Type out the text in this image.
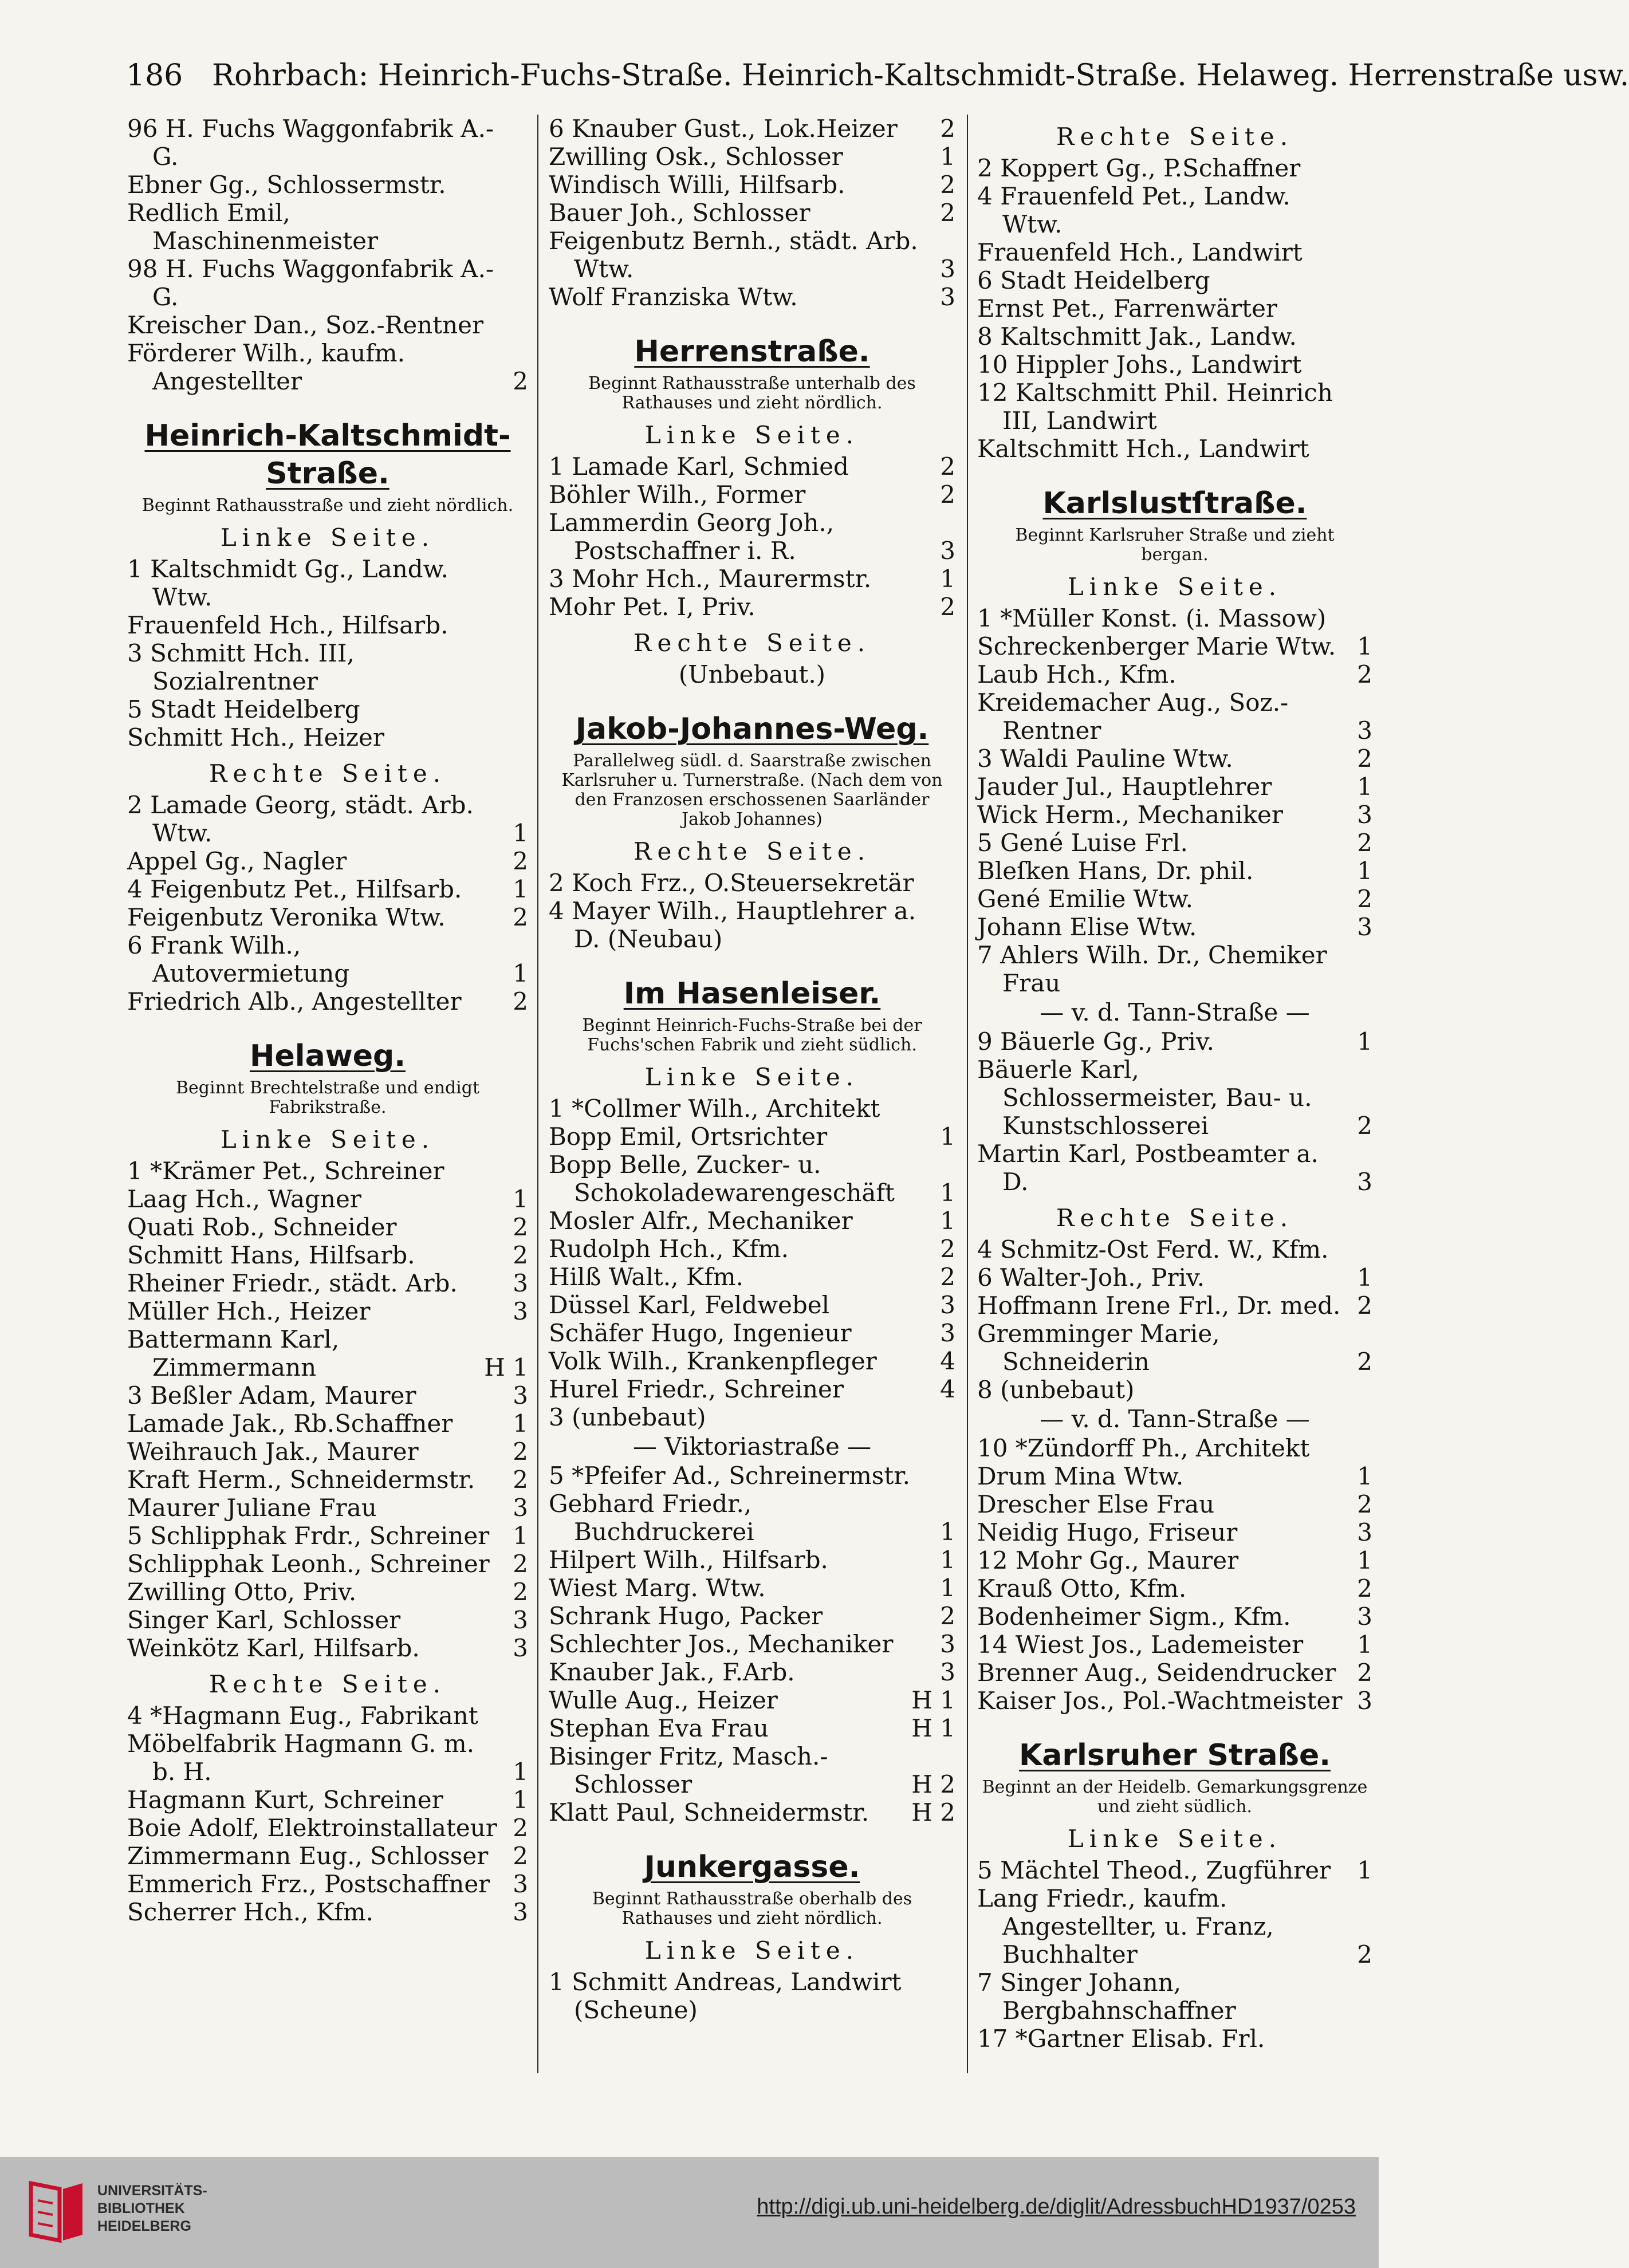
186 Rohrbach: Heinrich-Fuchs-Straße. Heinrich-Kaltschmidt-Straße. Helaweg. Herrenstraße usw.
96 H. Fuchs Waggonfabrik A.-G.
Ebner Gg., Schlossermstr.
Redlich Emil, Maschinenmeister
98 H. Fuchs Waggonfabrik A.-G.
Kreischer Dan., Soz.-Rentner
Förderer Wilh., kaufm. Angestellter	2
Heinrich-Kaltschmidt-Straße.
Beginnt Rathausstraße und zieht nördlich.
Linke Seite.
1 Kaltschmidt Gg., Landw. Wtw.
Frauenfeld Hch., Hilfsarb.
3 Schmitt Hch. III, Sozialrentner
5 Stadt Heidelberg
Schmitt Hch., Heizer
Rechte Seite.
2 Lamade Georg, städt. Arb. Wtw.	1
Appel Gg., Nagler	2
4 Feigenbutz Pet., Hilfsarb. 1
Feigenbutz Veronika Wtw.	2
6 Frank Wilh., Autovermietung	1
Friedrich Alb., Angestellter 2
Helaweg.
Beginnt Brechtelstraße und endigt Fabrikstraße.
Linke Seite.
1 *Krämer Pet., Schreiner
Laag Hch., Wagner	1
Quati Rob., Schneider	2
Schmitt Hans, Hilfsarb.	2
Rheiner Friedr., städt. Arb. 3
Müller Hch., Heizer	3
Battermann Karl, Zimmermann	H 1
3 Beßler Adam, Maurer	3
Lamade Jak., Rb.Schaffner 1
Weihrauch Jak., Maurer	2
Kraft Herm., Schneidermstr. 2
Maurer Juliane Frau	3
5 Schlipphak Frdr., Schreiner 1
Schlipphak Leonh., Schreiner 2
Zwilling Otto, Priv.	2
Singer Karl, Schlosser	3
Weinkötz Karl, Hilfsarb.	3
Rechte Seite.
4 *Hagmann Eug., Fabrikant
Möbelfabrik Hagmann G. m. b. H.	1
Hagmann Kurt, Schreiner	1
Boie Adolf, Elektroinstallateur 2
Zimmermann Eug., Schlosser 2
Emmerich Frz., Postschaffner 3
Scherrer Hch., Kfm.	3
6 Knauber Gust., Lok.Heizer 2
Zwilling Osk., Schlosser	1
Windisch Willi, Hilfsarb.	2
Bauer Joh., Schlosser	2
Feigenbutz Bernh., städt. Arb. Wtw.	3
Wolf Franziska Wtw.	3
Herrenstraße.
Beginnt Rathausstraße unterhalb des Rathauses und zieht nördlich.
Linke Seite.
1 Lamade Karl, Schmied	2
Böhler Wilh., Former	2
Lammerdin Georg Joh., Postschaffner i. R.	3
3 Mohr Hch., Maurermstr.	1
Mohr Pet. I, Priv.	2
Rechte Seite.
(Unbebaut.)
Jakob-Johannes-Weg.
Parallelweg südl. d. Saarstraße zwischen Karlsruher u. Turnerstraße. (Nach dem von den Franzosen erschossenen Saarländer Jakob Johannes)
Rechte Seite.
2 Koch Frz., O.Steuersekretär
4 Mayer Wilh., Hauptlehrer a. D. (Neubau)
Im Hasenleiser.
Beginnt Heinrich-Fuchs-Straße bei der Fuchs'schen Fabrik und zieht südlich.
Linke Seite.
1 *Collmer Wilh., Architekt
Bopp Emil, Ortsrichter	1
Bopp Belle, Zucker- u. Schokoladewarengeschäft 1
Mosler Alfr., Mechaniker	1
Rudolph Hch., Kfm.	2
Hilß Walt., Kfm.	2
Düssel Karl, Feldwebel	3
Schäfer Hugo, Ingenieur	3
Volk Wilh., Krankenpfleger	4
Hurel Friedr., Schreiner	4
3 (unbebaut)
— Viktoriastraße —
5 *Pfeifer Ad., Schreinermstr.
Gebhard Friedr., Buchdruckerei	1
Hilpert Wilh., Hilfsarb.	1
Wiest Marg. Wtw.	1
Schrank Hugo, Packer	2
Schlechter Jos., Mechaniker 3
Knauber Jak., F.Arb.	3
Wulle Aug., Heizer	H 1
Stephan Eva Frau	H 1
Bisinger Fritz, Masch.-Schlosser	H 2
Klatt Paul, Schneidermstr. H 2
Junkergasse.
Beginnt Rathausstraße oberhalb des Rathauses und zieht nördlich.
Linke Seite.
1 Schmitt Andreas, Landwirt (Scheune)
Rechte Seite.
2 Koppert Gg., P.Schaffner
4 Frauenfeld Pet., Landw. Wtw.
Frauenfeld Hch., Landwirt
6 Stadt Heidelberg
Ernst Pet., Farrenwärter
8 Kaltschmitt Jak., Landw.
10 Hippler Johs., Landwirt
12 Kaltschmitt Phil. Heinrich III, Landwirt
Kaltschmitt Hch., Landwirt
Karlslustſtraße.
Beginnt Karlsruher Straße und zieht bergan.
Linke Seite.
1 *Müller Konst. (i. Massow)
Schreckenberger Marie Wtw. 1
Laub Hch., Kfm.	2
Kreidemacher Aug., Soz.-Rentner	3
3 Waldi Pauline Wtw.	2
Jauder Jul., Hauptlehrer	1
Wick Herm., Mechaniker	3
5 Gené Luise Frl.	2
Bleſken Hans, Dr. phil.	1
Gené Emilie Wtw.	2
Johann Elise Wtw.	3
7 Ahlers Wilh. Dr., Chemiker Frau
— v. d. Tann-Straße —
9 Bäuerle Gg., Priv.	1
Bäuerle Karl, Schlossermeister, Bau- u. Kunstschlosserei	2
Martin Karl, Postbeamter a. D.	3
Rechte Seite.
4 Schmitz-Ost Ferd. W., Kfm.
6 Walter-Joh., Priv.	1
Hoffmann Irene Frl., Dr. med. 2
Gremminger Marie, Schneiderin	2
8 (unbebaut)
— v. d. Tann-Straße —
10 *Zündorff Ph., Architekt
Drum Mina Wtw.	1
Drescher Else Frau	2
Neidig Hugo, Friseur	3
12 Mohr Gg., Maurer	1
Krauß Otto, Kfm.	2
Bodenheimer Sigm., Kfm.	3
14 Wiest Jos., Lademeister 1
Brenner Aug., Seidendrucker 2
Kaiser Jos., Pol.-Wachtmeister 3
Karlsruher Straße.
Beginnt an der Heidelb. Gemarkungsgrenze und zieht südlich.
Linke Seite.
5 Mächtel Theod., Zugführer 1
Lang Friedr., kaufm. Angestellter, u. Franz, Buchhalter	2
7 Singer Johann, Bergbahnschaffner
17 *Gartner Elisab. Frl.
UNIVERSITÄTS-
BIBLIOTHEK
HEIDELBERG
http://digi.ub.uni-heidelberg.de/diglit/AdressbuchHD1937/0253
